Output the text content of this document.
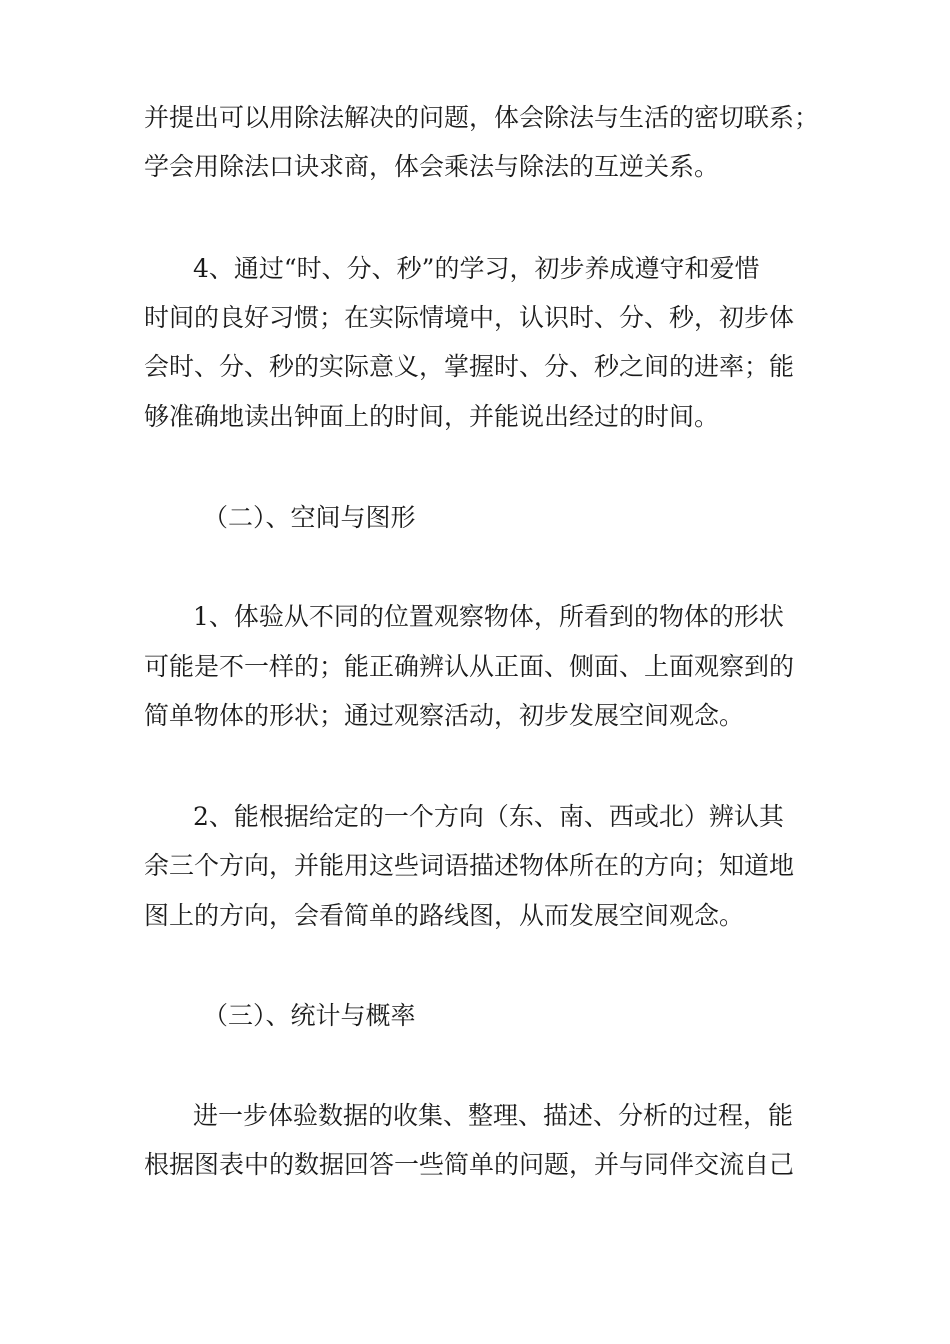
并提出可以用除法解决的问题，体会除法与生活的密切联系；
学会用除法口诀求商，体会乘法与除法的互逆关系。
4、通过“时、分、秒”的学习，初步养成遵守和爱惜
时间的良好习惯；在实际情境中，认识时、分、秒，初步体
会时、分、秒的实际意义，掌握时、分、秒之间的进率；能
够准确地读出钟面上的时间，并能说出经过的时间。
（二）、空间与图形
1、体验从不同的位置观察物体，所看到的物体的形状
可能是不一样的；能正确辨认从正面、侧面、上面观察到的
简单物体的形状；通过观察活动，初步发展空间观念。
2、能根据给定的一个方向（东、南、西或北）辨认其
余三个方向，并能用这些词语描述物体所在的方向；知道地
图上的方向，会看简单的路线图，从而发展空间观念。
（三）、统计与概率
进一步体验数据的收集、整理、描述、分析的过程，能
根据图表中的数据回答一些简单的问题，并与同伴交流自己
